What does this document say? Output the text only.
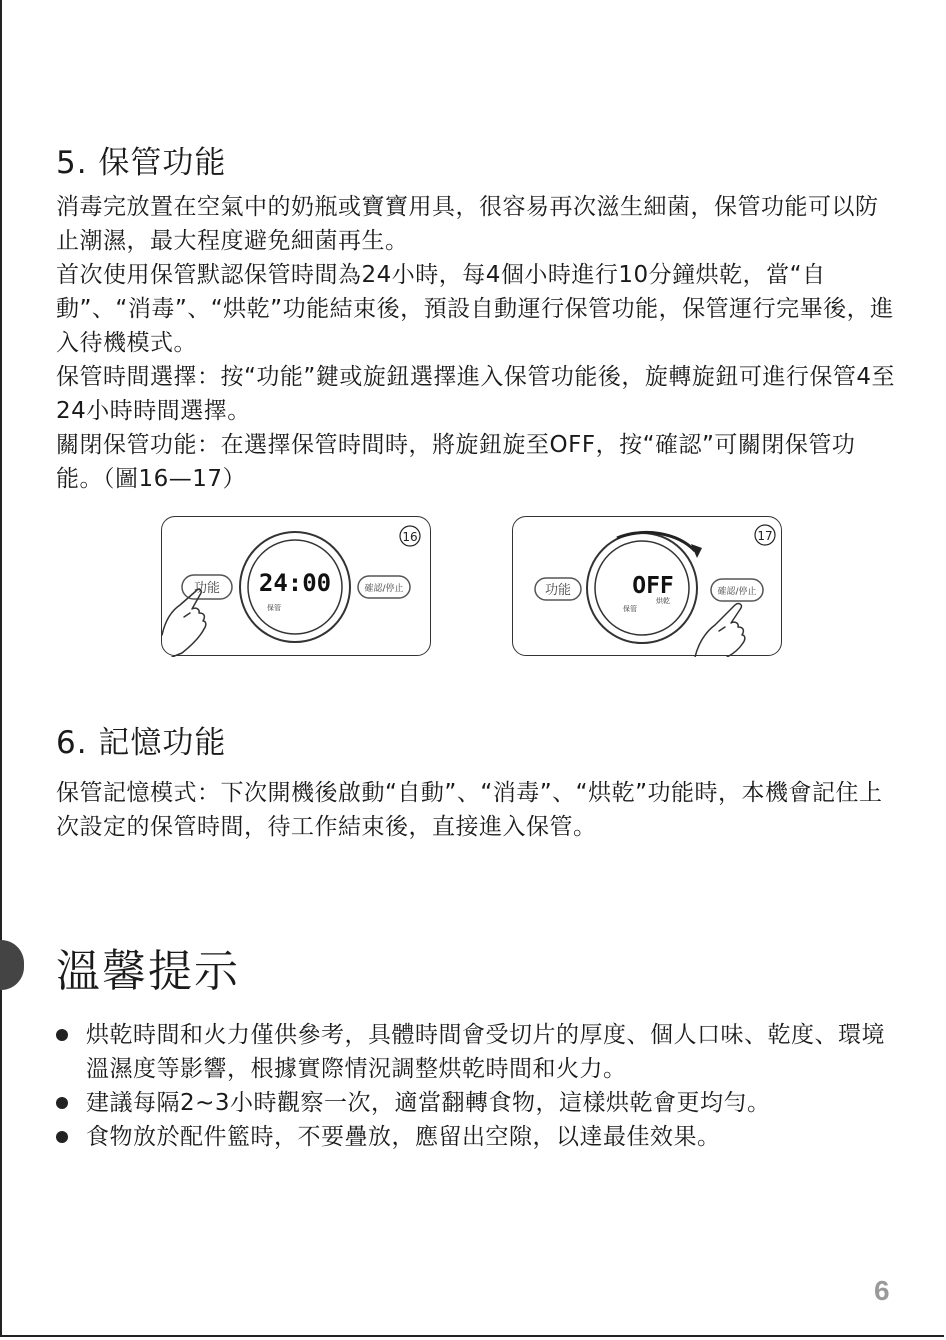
5. 保管功能

消毒完放置在空氣中的奶瓶或寶寶用具，很容易再次滋生細菌，保管功能可以防止潮濕，最大程度避免細菌再生。

首次使用保管默認保管時間為24小時，每4個小時進行10分鐘烘乾，當“自動”、“消毒”、“烘乾”功能結束後，預設自動運行保管功能，保管運行完畢後，進入待機模式。

保管時間選擇：按“功能”鍵或旋鈕選擇進入保管功能後，旋轉旋鈕可進行保管4至24小時時間選擇。

關閉保管功能：在選擇保管時間時，將旋鈕旋至OFF，按“確認”可關閉保管功能。（圖16—17）

功能	確認/停止
24:00
保管
16
功能	確認/停止
OFF
保管
烘乾
17
6. 記憶功能

保管記憶模式：下次開機後啟動“自動”、“消毒”、“烘乾”功能時，本機會記住上次設定的保管時間，待工作結束後，直接進入保管。

溫馨提示
烘乾時間和火力僅供參考，具體時間會受切片的厚度、個人口味、乾度、環境溫濕度等影響，根據實際情況調整烘乾時間和火力。
建議每隔2~3小時觀察一次，適當翻轉食物，這樣烘乾會更均勻。
食物放於配件籃時，不要疊放，應留出空隙，以達最佳效果。
6
